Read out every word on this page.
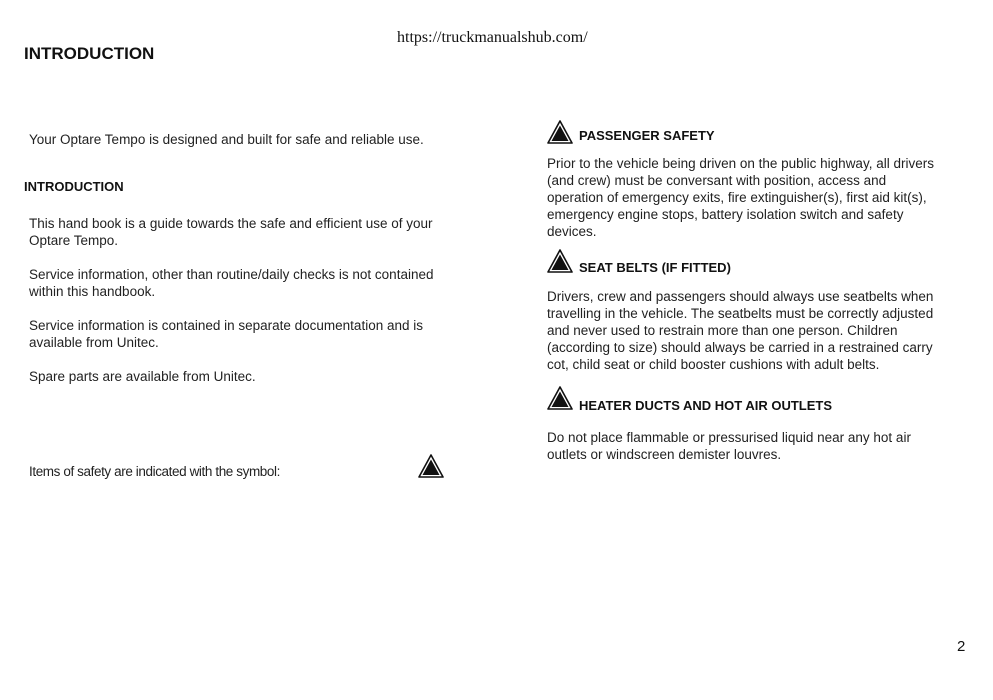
https://truckmanualshub.com/
INTRODUCTION
Your Optare Tempo is designed and built for safe and reliable use.
INTRODUCTION
This hand book is a guide towards the safe and efficient use of your
Optare Tempo.
Service information, other than routine/daily checks is not contained
within this handbook.
Service information is contained in separate documentation and is
available from Unitec.
Spare parts are available from Unitec.
Items of safety are indicated with the symbol:
PASSENGER SAFETY
Prior to the vehicle being driven on the public highway, all drivers
(and crew) must be conversant with position, access and
operation of emergency exits, fire extinguisher(s), first aid kit(s),
emergency engine stops, battery isolation switch and safety
devices.
SEAT BELTS (IF FITTED)
Drivers, crew and passengers should always use seatbelts when
travelling in the vehicle. The seatbelts must be correctly adjusted
and never used to restrain more than one person. Children
(according to size) should always be carried in a restrained carry
cot, child seat or child booster cushions with adult belts.
HEATER DUCTS AND HOT AIR OUTLETS
Do not place flammable or pressurised liquid near any hot air
outlets or windscreen demister louvres.
2
